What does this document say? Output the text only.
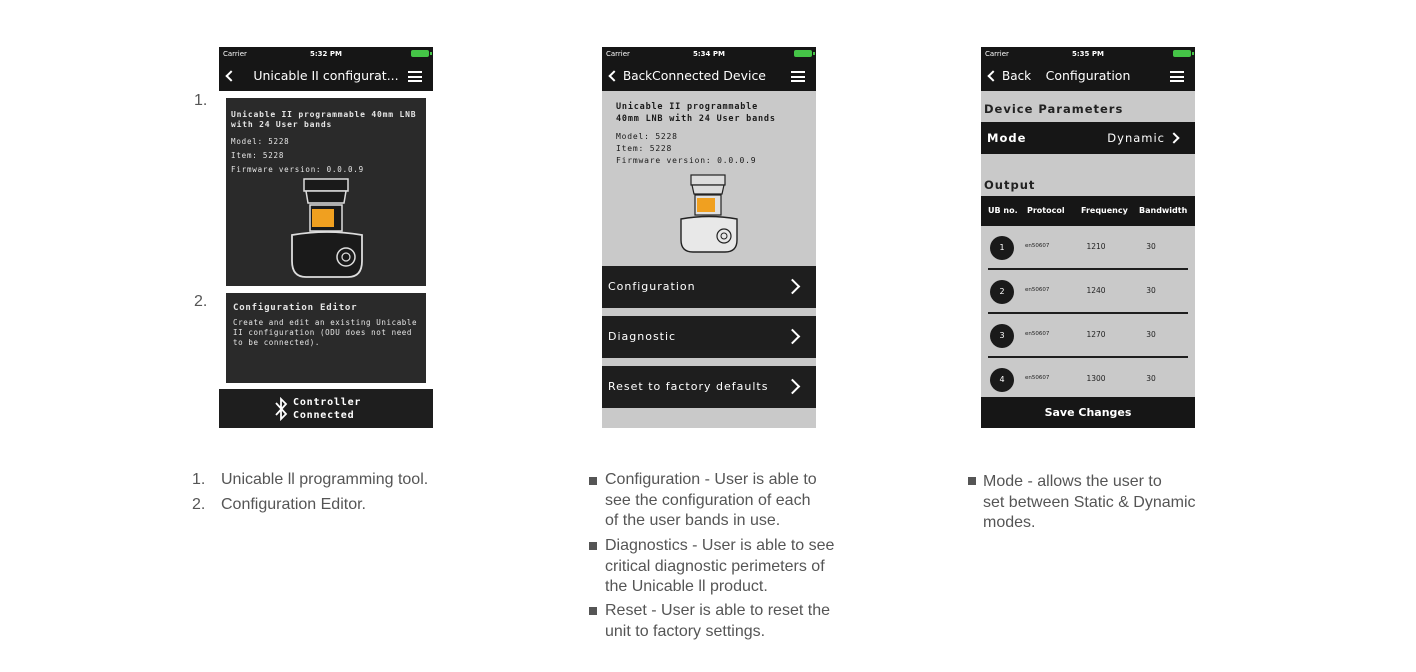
1.
2.
Carrier	5:32 PM
Unicable II configurat...
Unicable II programmable 40mm LNB
with 24 User bands
Model: 5228
Item: 5228
Firmware version: 0.0.0.9
Configuration Editor
Create and edit an existing Unicable
II configuration (ODU does not need
to be connected).
Controller
Connected
Carrier	5:34 PM
Back Connected Device
Unicable II programmable
40mm LNB with 24 User bands
Model: 5228
Item: 5228
Firmware version: 0.0.0.9
Configuration
Diagnostic
Reset to factory defaults
Carrier	5:35 PM
Back	Configuration
Device Parameters
Mode	Dynamic
Output
UB no. Protocol Frequency Bandwidth
1	en50607	1210	30
2	en50607	1240	30
3	en50607	1270	30
4	en50607	1300	30
Save Changes
1. Unicable ll programming tool.
2. Configuration Editor.
Configuration - User is able to
see the configuration of each
of the user bands in use.
Diagnostics - User is able to see
critical diagnostic perimeters of
the Unicable ll product.
Reset - User is able to reset the
unit to factory settings.
Mode - allows the user to
set between Static & Dynamic
modes.
